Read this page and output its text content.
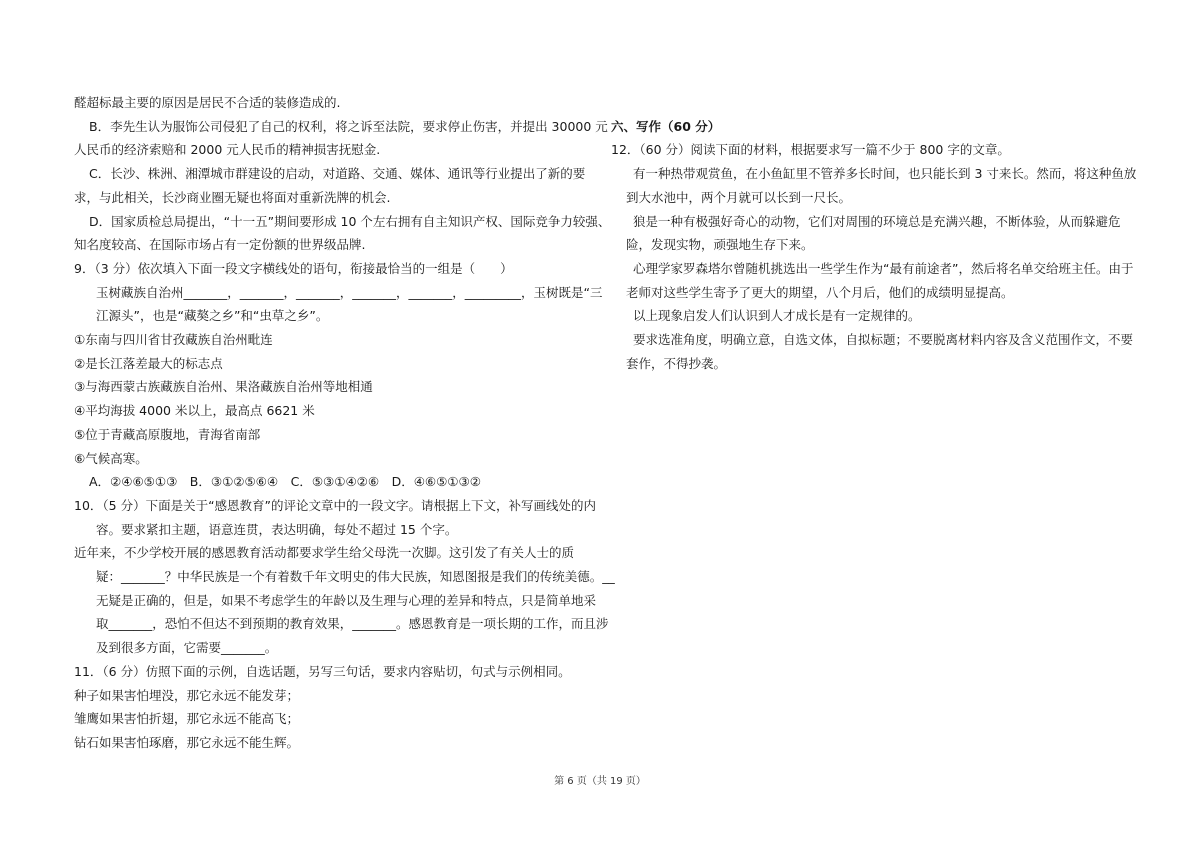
醛超标最主要的原因是居民不合适的装修造成的.
B．李先生认为服饰公司侵犯了自己的权利，将之诉至法院，要求停止伤害，并提出 30000 元
人民币的经济索赔和 2000 元人民币的精神损害抚慰金.
C．长沙、株洲、湘潭城市群建设的启动，对道路、交通、媒体、通讯等行业提出了新的要
求，与此相关，长沙商业圈无疑也将面对重新洗牌的机会.
D．国家质检总局提出，“十一五”期间要形成 10 个左右拥有自主知识产权、国际竞争力较强、
知名度较高、在国际市场占有一定份额的世界级品牌.
9．（3 分）依次填入下面一段文字横线处的语句，衔接最恰当的一组是（　　）
玉树藏族自治州_______，_______，_______，_______，_______，_________，玉树既是“三
江源头”，也是“藏獒之乡”和“虫草之乡”。
①东南与四川省甘孜藏族自治州毗连
②是长江落差最大的标志点
③与海西蒙古族藏族自治州、果洛藏族自治州等地相通
④平均海拔 4000 米以上，最高点 6621 米
⑤位于青藏高原腹地，青海省南部
⑥气候高寒。
A．②④⑥⑤①③　B．③①②⑤⑥④　C．⑤③①④②⑥　D．④⑥⑤①③②
10．（5 分）下面是关于“感恩教育”的评论文章中的一段文字。请根据上下文，补写画线处的内
容。要求紧扣主题，语意连贯，表达明确，每处不超过 15 个字。
近年来，不少学校开展的感恩教育活动都要求学生给父母洗一次脚。这引发了有关人士的质
疑：_______？中华民族是一个有着数千年文明史的伟大民族，知恩图报是我们的传统美德。__
无疑是正确的，但是，如果不考虑学生的年龄以及生理与心理的差异和特点，只是简单地采
取_______，恐怕不但达不到预期的教育效果，_______。感恩教育是一项长期的工作，而且涉
及到很多方面，它需要_______。
11．（6 分）仿照下面的示例，自选话题，另写三句话，要求内容贴切，句式与示例相同。
种子如果害怕埋没，那它永远不能发芽；
雏鹰如果害怕折翅，那它永远不能高飞；
钻石如果害怕琢磨，那它永远不能生辉。
六、写作（60 分）
12．（60 分）阅读下面的材料，根据要求写一篇不少于 800 字的文章。
有一种热带观赏鱼，在小鱼缸里不管养多长时间，也只能长到 3 寸来长。然而，将这种鱼放
到大水池中，两个月就可以长到一尺长。
狼是一种有极强好奇心的动物，它们对周围的环境总是充满兴趣，不断体验，从而躲避危
险，发现实物，顽强地生存下来。
心理学家罗森塔尔曾随机挑选出一些学生作为“最有前途者”，然后将名单交给班主任。由于
老师对这些学生寄予了更大的期望，八个月后，他们的成绩明显提高。
以上现象启发人们认识到人才成长是有一定规律的。
要求选准角度，明确立意，自选文体，自拟标题；不要脱离材料内容及含义范围作文，不要
套作，不得抄袭。
第 6 页（共 19 页）
